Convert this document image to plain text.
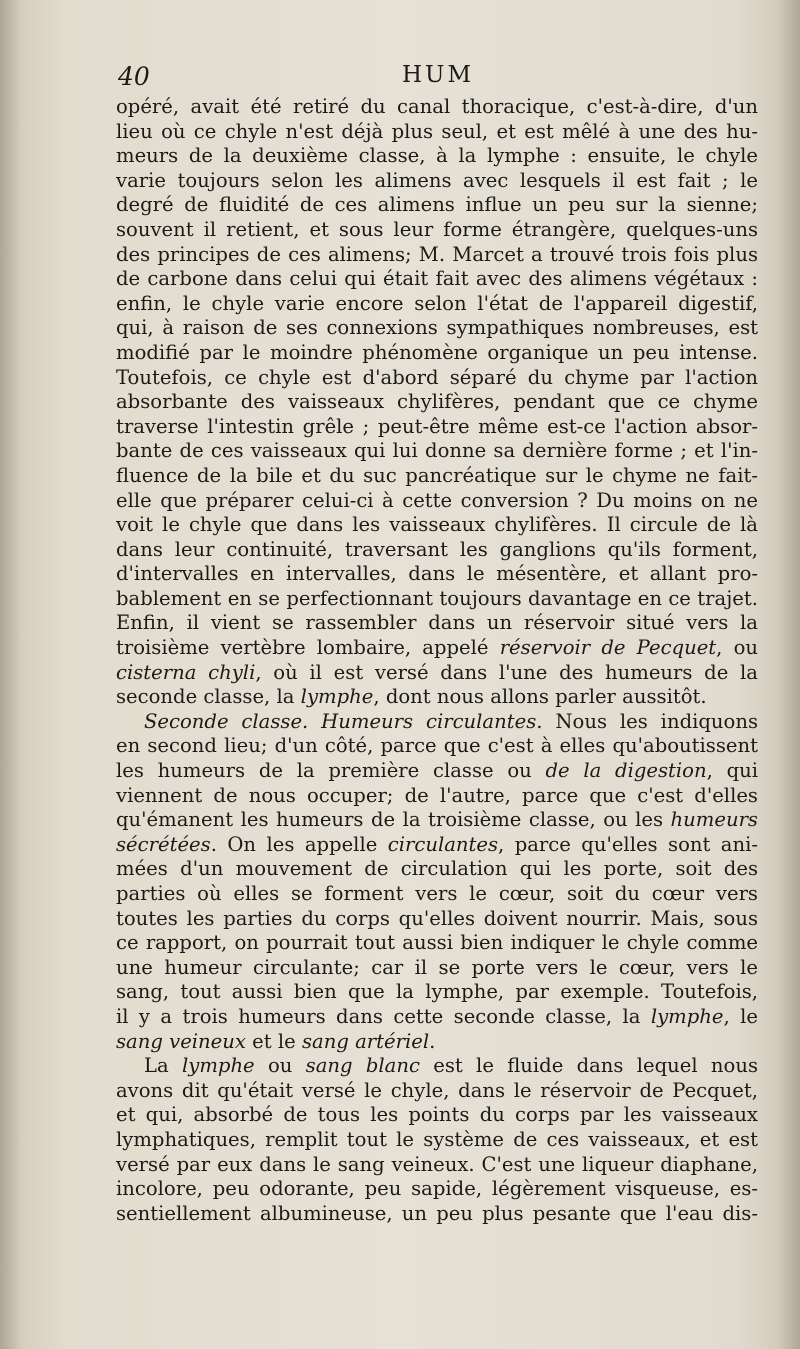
40	HUM
opéré, avait été retiré du canal thoracique, c'est-à-dire, d'un
lieu où ce chyle n'est déjà plus seul, et est mêlé à une des hu-
meurs de la deuxième classe, à la lymphe : ensuite, le chyle
varie toujours selon les alimens avec lesquels il est fait ; le
degré de fluidité de ces alimens influe un peu sur la sienne;
souvent il retient, et sous leur forme étrangère, quelques-uns
des principes de ces alimens; M. Marcet a trouvé trois fois plus
de carbone dans celui qui était fait avec des alimens végétaux :
enfin, le chyle varie encore selon l'état de l'appareil digestif,
qui, à raison de ses connexions sympathiques nombreuses, est
modifié par le moindre phénomène organique un peu intense.
Toutefois, ce chyle est d'abord séparé du chyme par l'action
absorbante des vaisseaux chylifères, pendant que ce chyme
traverse l'intestin grêle ; peut-être même est-ce l'action absor-
bante de ces vaisseaux qui lui donne sa dernière forme ; et l'in-
fluence de la bile et du suc pancréatique sur le chyme ne fait-
elle que préparer celui-ci à cette conversion ? Du moins on ne
voit le chyle que dans les vaisseaux chylifères. Il circule de là
dans leur continuité, traversant les ganglions qu'ils forment,
d'intervalles en intervalles, dans le mésentère, et allant pro-
bablement en se perfectionnant toujours davantage en ce trajet.
Enfin, il vient se rassembler dans un réservoir situé vers la
troisième vertèbre lombaire, appelé réservoir de Pecquet, ou
cisterna chyli, où il est versé dans l'une des humeurs de la
seconde classe, la lymphe, dont nous allons parler aussitôt.
Seconde classe. Humeurs circulantes. Nous les indiquons
en second lieu; d'un côté, parce que c'est à elles qu'aboutissent
les humeurs de la première classe ou de la digestion, qui
viennent de nous occuper; de l'autre, parce que c'est d'elles
qu'émanent les humeurs de la troisième classe, ou les humeurs
sécrétées. On les appelle circulantes, parce qu'elles sont ani-
mées d'un mouvement de circulation qui les porte, soit des
parties où elles se forment vers le cœur, soit du cœur vers
toutes les parties du corps qu'elles doivent nourrir. Mais, sous
ce rapport, on pourrait tout aussi bien indiquer le chyle comme
une humeur circulante; car il se porte vers le cœur, vers le
sang, tout aussi bien que la lymphe, par exemple. Toutefois,
il y a trois humeurs dans cette seconde classe, la lymphe, le
sang veineux et le sang artériel.
La lymphe ou sang blanc est le fluide dans lequel nous
avons dit qu'était versé le chyle, dans le réservoir de Pecquet,
et qui, absorbé de tous les points du corps par les vaisseaux
lymphatiques, remplit tout le système de ces vaisseaux, et est
versé par eux dans le sang veineux. C'est une liqueur diaphane,
incolore, peu odorante, peu sapide, légèrement visqueuse, es-
sentiellement albumineuse, un peu plus pesante que l'eau dis-
